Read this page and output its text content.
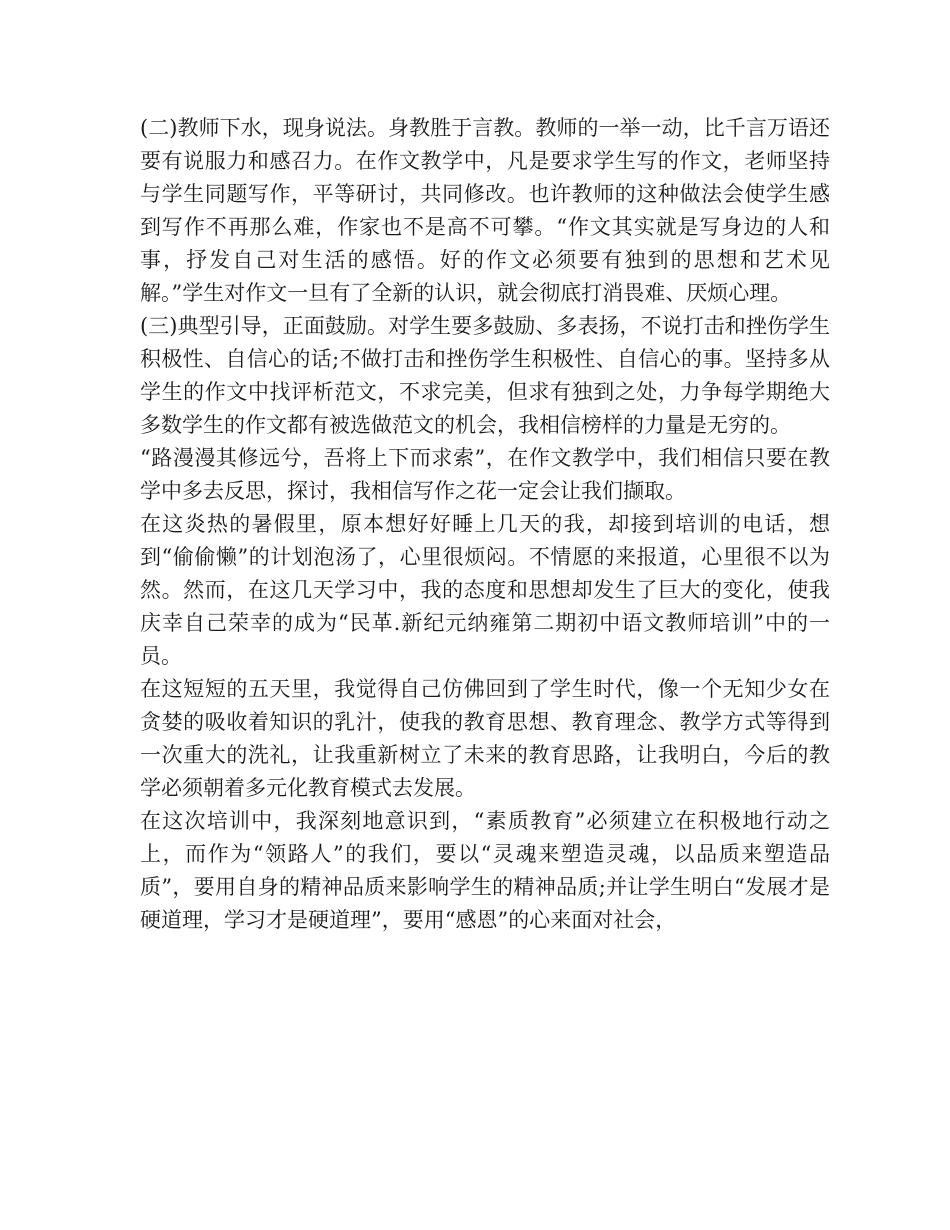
(二)教师下水，现身说法。身教胜于言教。教师的一举一动，比千言万语还要有说服力和感召力。在作文教学中，凡是要求学生写的作文，老师坚持与学生同题写作，平等研讨，共同修改。也许教师的这种做法会使学生感到写作不再那么难，作家也不是高不可攀。“作文其实就是写身边的人和事，抒发自己对生活的感悟。好的作文必须要有独到的思想和艺术见解。”学生对作文一旦有了全新的认识，就会彻底打消畏难、厌烦心理。

(三)典型引导，正面鼓励。对学生要多鼓励、多表扬，不说打击和挫伤学生积极性、自信心的话;不做打击和挫伤学生积极性、自信心的事。坚持多从学生的作文中找评析范文，不求完美，但求有独到之处，力争每学期绝大多数学生的作文都有被选做范文的机会，我相信榜样的力量是无穷的。

“路漫漫其修远兮，吾将上下而求索”，在作文教学中，我们相信只要在教学中多去反思，探讨，我相信写作之花一定会让我们撷取。

在这炎热的暑假里，原本想好好睡上几天的我，却接到培训的电话，想到“偷偷懒”的计划泡汤了，心里很烦闷。不情愿的来报道，心里很不以为然。然而，在这几天学习中，我的态度和思想却发生了巨大的变化，使我庆幸自己荣幸的成为“民革.新纪元纳雍第二期初中语文教师培训”中的一员。

在这短短的五天里，我觉得自己仿佛回到了学生时代，像一个无知少女在贪婪的吸收着知识的乳汁，使我的教育思想、教育理念、教学方式等得到一次重大的洗礼，让我重新树立了未来的教育思路，让我明白，今后的教学必须朝着多元化教育模式去发展。

在这次培训中，我深刻地意识到，“素质教育”必须建立在积极地行动之上，而作为“领路人”的我们，要以“灵魂来塑造灵魂，以品质来塑造品质”，要用自身的精神品质来影响学生的精神品质;并让学生明白“发展才是硬道理，学习才是硬道理”，要用“感恩”的心来面对社会，
